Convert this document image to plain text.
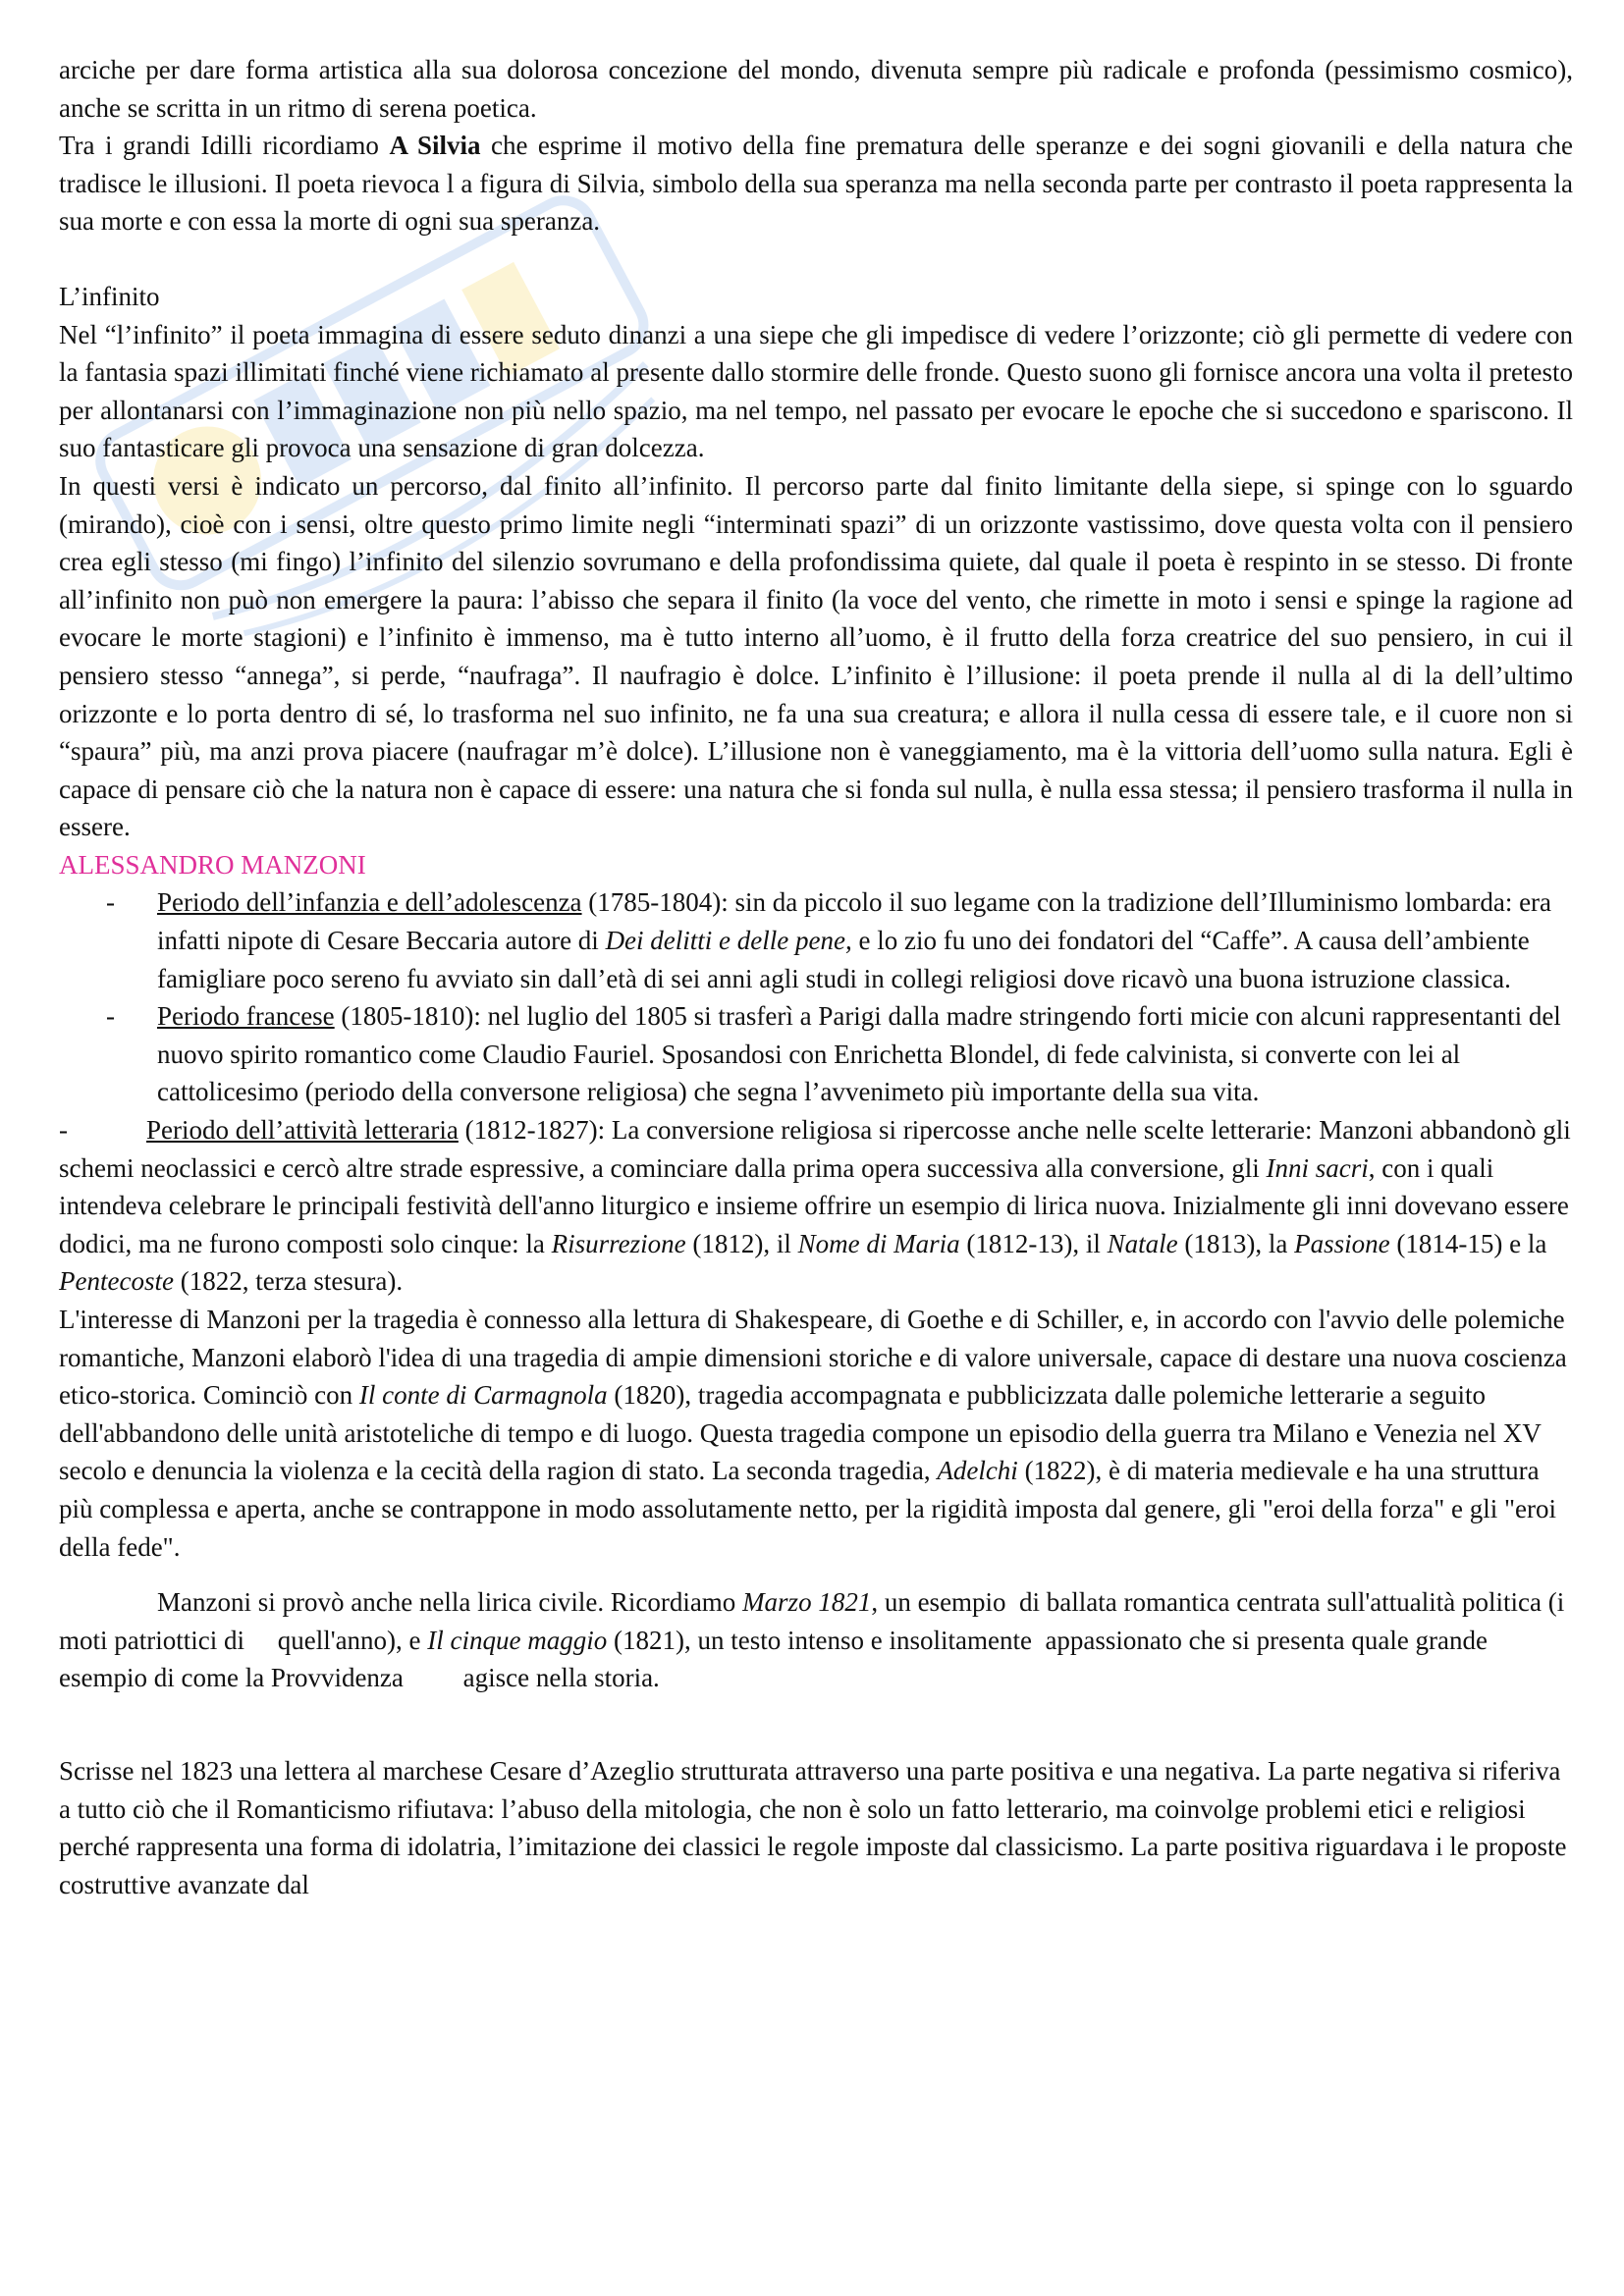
arciche per dare forma artistica alla sua dolorosa concezione del mondo, divenuta sempre più radicale e profonda (pessimismo cosmico), anche se scritta in un ritmo di serena poetica.

Tra i grandi Idilli ricordiamo A Silvia che esprime il motivo della fine prematura delle speranze e dei sogni giovanili e della natura che tradisce le illusioni. Il poeta rievoca l a figura di Silvia, simbolo della sua speranza ma nella seconda parte per contrasto il poeta rappresenta la sua morte e con essa la morte di ogni sua speranza.

L’infinito

Nel “l’infinito” il poeta immagina di essere seduto dinanzi a una siepe che gli impedisce di vedere l’orizzonte; ciò gli permette di vedere con la fantasia spazi illimitati finché viene richiamato al presente dallo stormire delle fronde. Questo suono gli fornisce ancora una volta il pretesto per allontanarsi con l’immaginazione non più nello spazio, ma nel tempo, nel passato per evocare le epoche che si succedono e spariscono. Il suo fantasticare gli provoca una sensazione di gran dolcezza.

In questi versi è indicato un percorso, dal finito all’infinito. Il percorso parte dal finito limitante della siepe, si spinge con lo sguardo (mirando), cioè con i sensi, oltre questo primo limite negli “interminati spazi” di un orizzonte vastissimo, dove questa volta con il pensiero crea egli stesso (mi fingo) l’infinito del silenzio sovrumano e della profondissima quiete, dal quale il poeta è respinto in se stesso. Di fronte all’infinito non può non emergere la paura: l’abisso che separa il finito (la voce del vento, che rimette in moto i sensi e spinge la ragione ad evocare le morte stagioni) e l’infinito è immenso, ma è tutto interno all’uomo, è il frutto della forza creatrice del suo pensiero, in cui il pensiero stesso “annega”, si perde, “naufraga”. Il naufragio è dolce. L’infinito è l’illusione: il poeta prende il nulla al di la dell’ultimo orizzonte e lo porta dentro di sé, lo trasforma nel suo infinito, ne fa una sua creatura; e allora il nulla cessa di essere tale, e il cuore non si “spaura” più, ma anzi prova piacere (naufragar m’è dolce). L’illusione non è vaneggiamento, ma è la vittoria dell’uomo sulla natura. Egli è capace di pensare ciò che la natura non è capace di essere: una natura che si fonda sul nulla, è nulla essa stessa; il pensiero trasforma il nulla in essere.

ALESSANDRO MANZONI

- Periodo dell’infanzia e dell’adolescenza (1785-1804): sin da piccolo il suo legame con la tradizione dell’Illuminismo lombarda: era infatti nipote di Cesare Beccaria autore di Dei delitti e delle pene, e lo zio fu uno dei fondatori del “Caffe”. A causa dell’ambiente famigliare poco sereno fu avviato sin dall’età di sei anni agli studi in collegi religiosi dove ricavò una buona istruzione classica.

- Periodo francese (1805-1810): nel luglio del 1805 si trasferì a Parigi dalla madre stringendo forti micie con alcuni rappresentanti del nuovo spirito romantico come Claudio Fauriel. Sposandosi con Enrichetta Blondel, di fede calvinista, si converte con lei al cattolicesimo (periodo della conversone religiosa) che segna l’avvenimeto più importante della sua vita.

-	Periodo dell’attività letteraria (1812-1827): La conversione religiosa si ripercosse anche nelle scelte letterarie: Manzoni abbandonò gli schemi neoclassici e cercò altre strade espressive, a cominciare dalla prima opera successiva alla conversione, gli Inni sacri, con i quali intendeva celebrare le principali festività dell'anno liturgico e insieme offrire un esempio di lirica nuova. Inizialmente gli inni dovevano essere dodici, ma ne furono composti solo cinque: la Risurrezione (1812), il Nome di Maria (1812-13), il Natale (1813), la Passione (1814-15) e la Pentecoste (1822, terza stesura).

L'interesse di Manzoni per la tragedia è connesso alla lettura di Shakespeare, di Goethe e di Schiller, e, in accordo con l'avvio delle polemiche romantiche, Manzoni elaborò l'idea di una tragedia di ampie dimensioni storiche e di valore universale, capace di destare una nuova coscienza etico-storica. Cominciò con Il conte di Carmagnola (1820), tragedia accompagnata e pubblicizzata dalle polemiche letterarie a seguito dell'abbandono delle unità aristoteliche di tempo e di luogo. Questa tragedia compone un episodio della guerra tra Milano e Venezia nel XV secolo e denuncia la violenza e la cecità della ragion di stato. La seconda tragedia, Adelchi (1822), è di materia medievale e ha una struttura più complessa e aperta, anche se contrappone in modo assolutamente netto, per la rigidità imposta dal genere, gli "eroi della forza" e gli "eroi della fede".

Manzoni si provò anche nella lirica civile. Ricordiamo Marzo 1821, un esempio  di ballata romantica centrata sull'attualità politica (i moti patriottici di     quell'anno), e Il cinque maggio (1821), un testo intenso e insolitamente  appassionato che si presenta quale grande esempio di come la Provvidenza         agisce nella storia.

Scrisse nel 1823 una lettera al marchese Cesare d’Azeglio strutturata attraverso una parte positiva e una negativa. La parte negativa si riferiva a tutto ciò che il Romanticismo rifiutava: l’abuso della mitologia, che non è solo un fatto letterario, ma coinvolge problemi etici e religiosi perché rappresenta una forma di idolatria, l’imitazione dei classici le regole imposte dal classicismo. La parte positiva riguardava i le proposte costruttive avanzate dal
